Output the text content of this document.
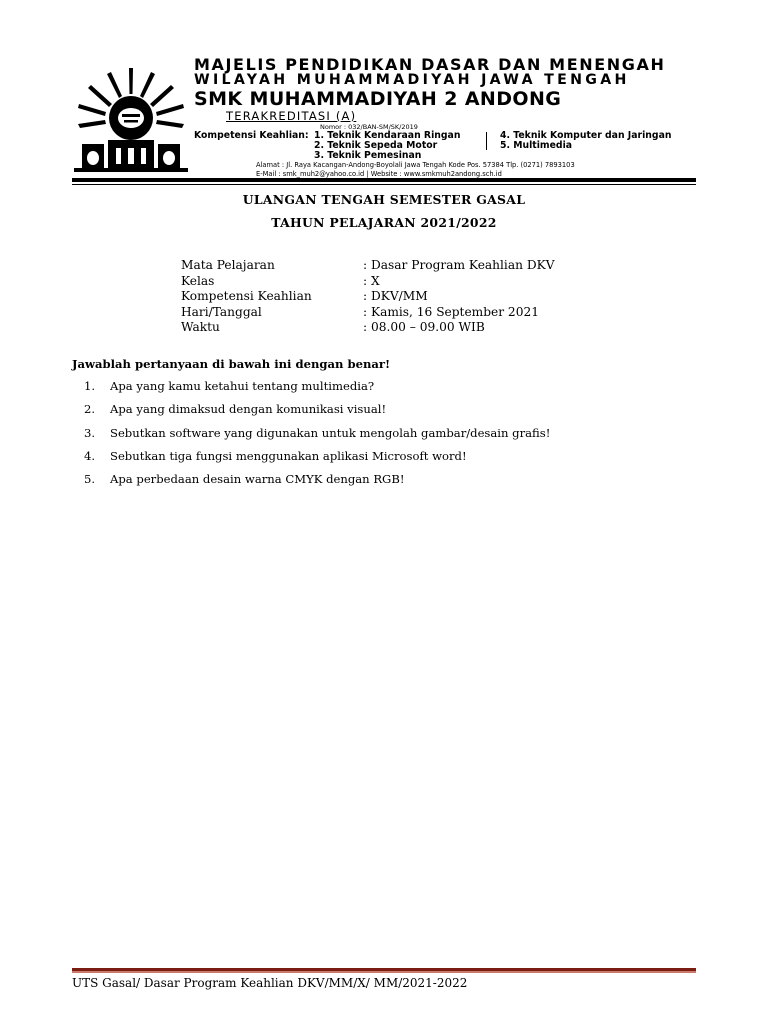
MAJELIS PENDIDIKAN DASAR DAN MENENGAH
WILAYAH MUHAMMADIYAH JAWA TENGAH
SMK MUHAMMADIYAH 2 ANDONG
TERAKREDITASI (A)
Nomor : 032/BAN-SM/SK/2019
Kompetensi Keahlian: 1. Teknik Kendaraan Ringan
2. Teknik Sepeda Motor
3. Teknik Pemesinan
4. Teknik Komputer dan Jaringan
5. Multimedia
Alamat : Jl. Raya Kacangan-Andong-Boyolali Jawa Tengah Kode Pos. 57384 Tlp. (0271) 7893103
E-Mail : smk_muh2@yahoo.co.id | Website : www.smkmuh2andong.sch.id
ULANGAN TENGAH SEMESTER GASAL
TAHUN PELAJARAN 2021/2022
Mata Pelajaran	: Dasar Program Keahlian DKV
Kelas	: X
Kompetensi Keahlian	: DKV/MM
Hari/Tanggal	: Kamis, 16 September 2021
Waktu	: 08.00 – 09.00 WIB
Jawablah pertanyaan di bawah ini dengan benar!
1. Apa yang kamu ketahui tentang multimedia?
2. Apa yang dimaksud dengan komunikasi visual!
3. Sebutkan software yang digunakan untuk mengolah gambar/desain grafis!
4. Sebutkan tiga fungsi menggunakan aplikasi Microsoft word!
5. Apa perbedaan desain warna CMYK dengan RGB!
UTS Gasal/ Dasar Program Keahlian DKV/MM/X/ MM/2021-2022
